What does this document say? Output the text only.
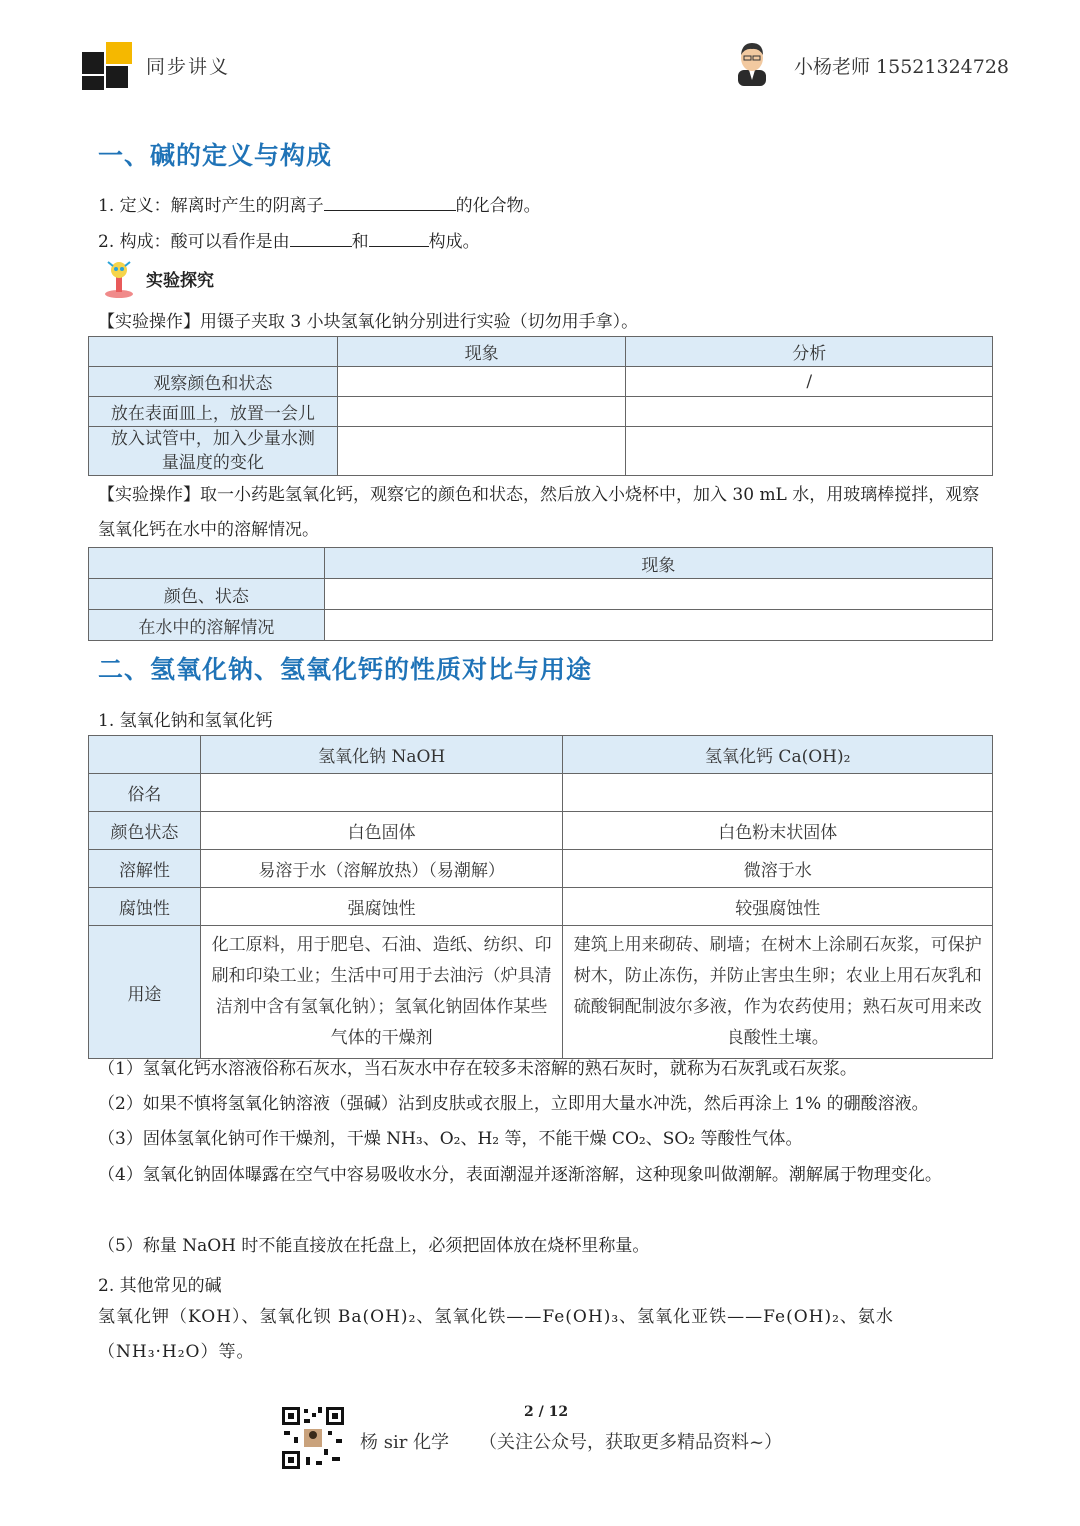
同步讲义	小杨老师 15521324728
一、碱的定义与构成
1. 定义：解离时产生的阴离子	的化合物。
2. 构成：酸可以看作是由	和	构成。
实验探究
【实验操作】用镊子夹取 3 小块氢氧化钠分别进行实验（切勿用手拿）。
	现象	分析
观察颜色和状态		/
放在表面皿上，放置一会儿		
放入试管中，加入少量水测量温度的变化		
【实验操作】取一小药匙氢氧化钙，观察它的颜色和状态，然后放入小烧杯中，加入 30 mL 水，用玻璃棒搅拌，观察氢氧化钙在水中的溶解情况。
	现象
颜色、状态	
在水中的溶解情况	
二、氢氧化钠、氢氧化钙的性质对比与用途
1. 氢氧化钠和氢氧化钙
	氢氧化钠 NaOH	氢氧化钙 Ca(OH)₂
俗名		
颜色状态	白色固体	白色粉末状固体
溶解性	易溶于水（溶解放热）（易潮解）	微溶于水
腐蚀性	强腐蚀性	较强腐蚀性
用途	化工原料，用于肥皂、石油、造纸、纺织、印刷和印染工业；生活中可用于去油污（炉具清洁剂中含有氢氧化钠）；氢氧化钠固体作某些气体的干燥剂	建筑上用来砌砖、刷墙；在树木上涂刷石灰浆，可保护树木，防止冻伤，并防止害虫生卵；农业上用石灰乳和硫酸铜配制波尔多液，作为农药使用；熟石灰可用来改良酸性土壤。
（1）氢氧化钙水溶液俗称石灰水，当石灰水中存在较多未溶解的熟石灰时，就称为石灰乳或石灰浆。
（2）如果不慎将氢氧化钠溶液（强碱）沾到皮肤或衣服上，立即用大量水冲洗，然后再涂上 1% 的硼酸溶液。
（3）固体氢氧化钠可作干燥剂，干燥 NH₃、O₂、H₂ 等，不能干燥 CO₂、SO₂ 等酸性气体。
（4）氢氧化钠固体曝露在空气中容易吸收水分，表面潮湿并逐渐溶解，这种现象叫做潮解。潮解属于物理变化。
（5）称量 NaOH 时不能直接放在托盘上，必须把固体放在烧杯里称量。
2. 其他常见的碱
氢氧化钾（KOH）、氢氧化钡 Ba(OH)₂、氢氧化铁——Fe(OH)₃、氢氧化亚铁——Fe(OH)₂、氨水（NH₃·H₂O）等。
2 / 12
杨 sir 化学 （关注公众号，获取更多精品资料~）
